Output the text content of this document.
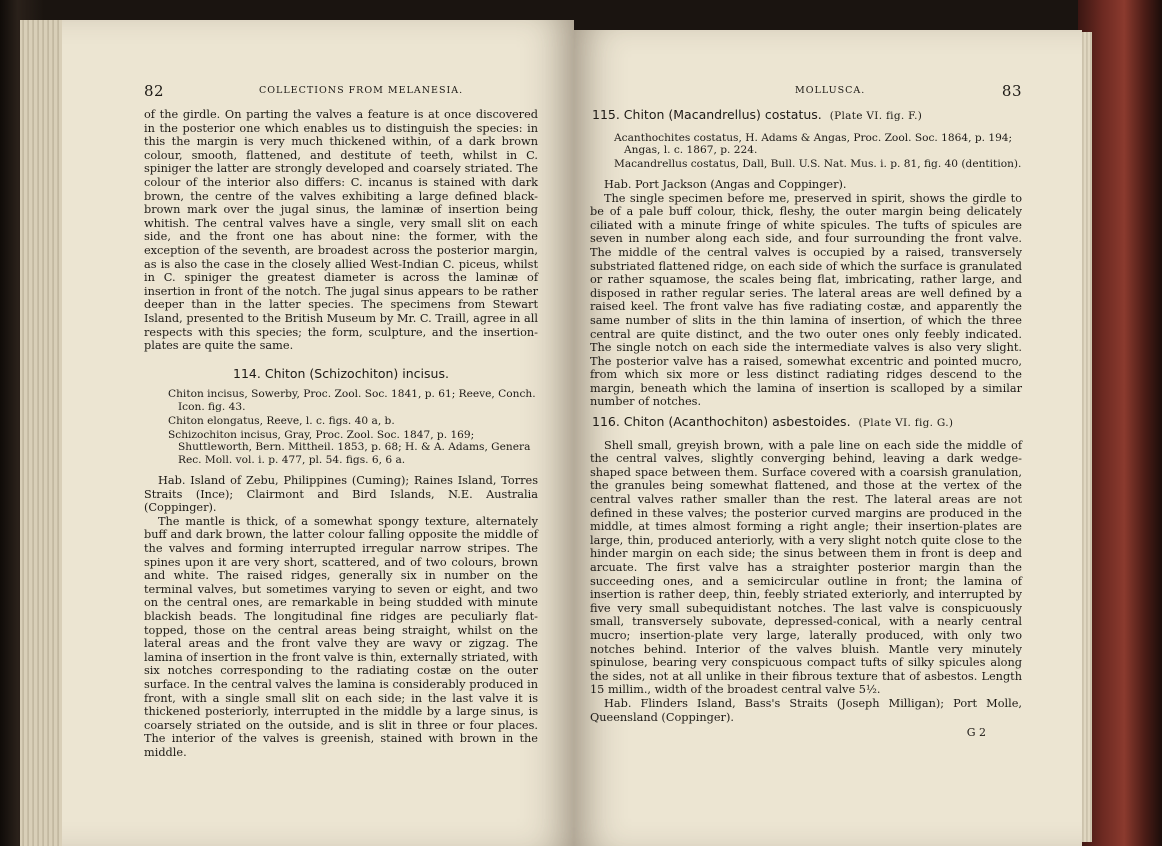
82	COLLECTIONS FROM MELANESIA.

of the girdle. On parting the valves a feature is at once discovered in the posterior one which enables us to distinguish the species: in this the margin is very much thickened within, of a dark brown colour, smooth, flattened, and destitute of teeth, whilst in C. spiniger the latter are strongly developed and coarsely striated. The colour of the interior also differs: C. incanus is stained with dark brown, the centre of the valves exhibiting a large defined black-brown mark over the jugal sinus, the laminæ of insertion being whitish. The central valves have a single, very small slit on each side, and the front one has about nine: the former, with the exception of the seventh, are broadest across the posterior margin, as is also the case in the closely allied West-Indian C. piceus, whilst in C. spiniger the greatest diameter is across the laminæ of insertion in front of the notch. The jugal sinus appears to be rather deeper than in the latter species. The specimens from Stewart Island, presented to the British Museum by Mr. C. Traill, agree in all respects with this species; the form, sculpture, and the insertion-plates are quite the same.

114. Chiton (Schizochiton) incisus.
Chiton incisus, Sowerby, Proc. Zool. Soc. 1841, p. 61; Reeve, Conch. Icon. fig. 43.
Chiton elongatus, Reeve, l. c. figs. 40 a, b.
Schizochiton incisus, Gray, Proc. Zool. Soc. 1847, p. 169; Shuttleworth, Bern. Mittheil. 1853, p. 68; H. & A. Adams, Genera Rec. Moll. vol. i. p. 477, pl. 54. figs. 6, 6 a.

Hab. Island of Zebu, Philippines (Cuming); Raines Island, Torres Straits (Ince); Clairmont and Bird Islands, N.E. Australia (Coppinger).

The mantle is thick, of a somewhat spongy texture, alternately buff and dark brown, the latter colour falling opposite the middle of the valves and forming interrupted irregular narrow stripes. The spines upon it are very short, scattered, and of two colours, brown and white. The raised ridges, generally six in number on the terminal valves, but sometimes varying to seven or eight, and two on the central ones, are remarkable in being studded with minute blackish beads. The longitudinal fine ridges are peculiarly flat-topped, those on the central areas being straight, whilst on the lateral areas and the front valve they are wavy or zigzag. The lamina of insertion in the front valve is thin, externally striated, with six notches corresponding to the radiating costæ on the outer surface. In the central valves the lamina is considerably produced in front, with a single small slit on each side; in the last valve it is thickened posteriorly, interrupted in the middle by a large sinus, is coarsely striated on the outside, and is slit in three or four places. The interior of the valves is greenish, stained with brown in the middle.

MOLLUSCA.	83
115. Chiton (Macandrellus) costatus. (Plate VI. fig. F.)
Acanthochites costatus, H. Adams & Angas, Proc. Zool. Soc. 1864, p. 194; Angas, l. c. 1867, p. 224.
Macandrellus costatus, Dall, Bull. U.S. Nat. Mus. i. p. 81, fig. 40 (dentition).

Hab. Port Jackson (Angas and Coppinger).

The single specimen before me, preserved in spirit, shows the girdle to be of a pale buff colour, thick, fleshy, the outer margin being delicately ciliated with a minute fringe of white spicules. The tufts of spicules are seven in number along each side, and four surrounding the front valve. The middle of the central valves is occupied by a raised, transversely substriated flattened ridge, on each side of which the surface is granulated or rather squamose, the scales being flat, imbricating, rather large, and disposed in rather regular series. The lateral areas are well defined by a raised keel. The front valve has five radiating costæ, and apparently the same number of slits in the thin lamina of insertion, of which the three central are quite distinct, and the two outer ones only feebly indicated. The single notch on each side the intermediate valves is also very slight. The posterior valve has a raised, somewhat excentric and pointed mucro, from which six more or less distinct radiating ridges descend to the margin, beneath which the lamina of insertion is scalloped by a similar number of notches.

116. Chiton (Acanthochiton) asbestoides. (Plate VI. fig. G.)

Shell small, greyish brown, with a pale line on each side the middle of the central valves, slightly converging behind, leaving a dark wedge-shaped space between them. Surface covered with a coarsish granulation, the granules being somewhat flattened, and those at the vertex of the central valves rather smaller than the rest. The lateral areas are not defined in these valves; the posterior curved margins are produced in the middle, at times almost forming a right angle; their insertion-plates are large, thin, produced anteriorly, with a very slight notch quite close to the hinder margin on each side; the sinus between them in front is deep and arcuate. The first valve has a straighter posterior margin than the succeeding ones, and a semicircular outline in front; the lamina of insertion is rather deep, thin, feebly striated exteriorly, and interrupted by five very small subequidistant notches. The last valve is conspicuously small, transversely subovate, depressed-conical, with a nearly central mucro; insertion-plate very large, laterally produced, with only two notches behind. Interior of the valves bluish. Mantle very minutely spinulose, bearing very conspicuous compact tufts of silky spicules along the sides, not at all unlike in their fibrous texture that of asbestos. Length 15 millim., width of the broadest central valve 5½.

Hab. Flinders Island, Bass's Straits (Joseph Milligan); Port Molle, Queensland (Coppinger).

G 2
